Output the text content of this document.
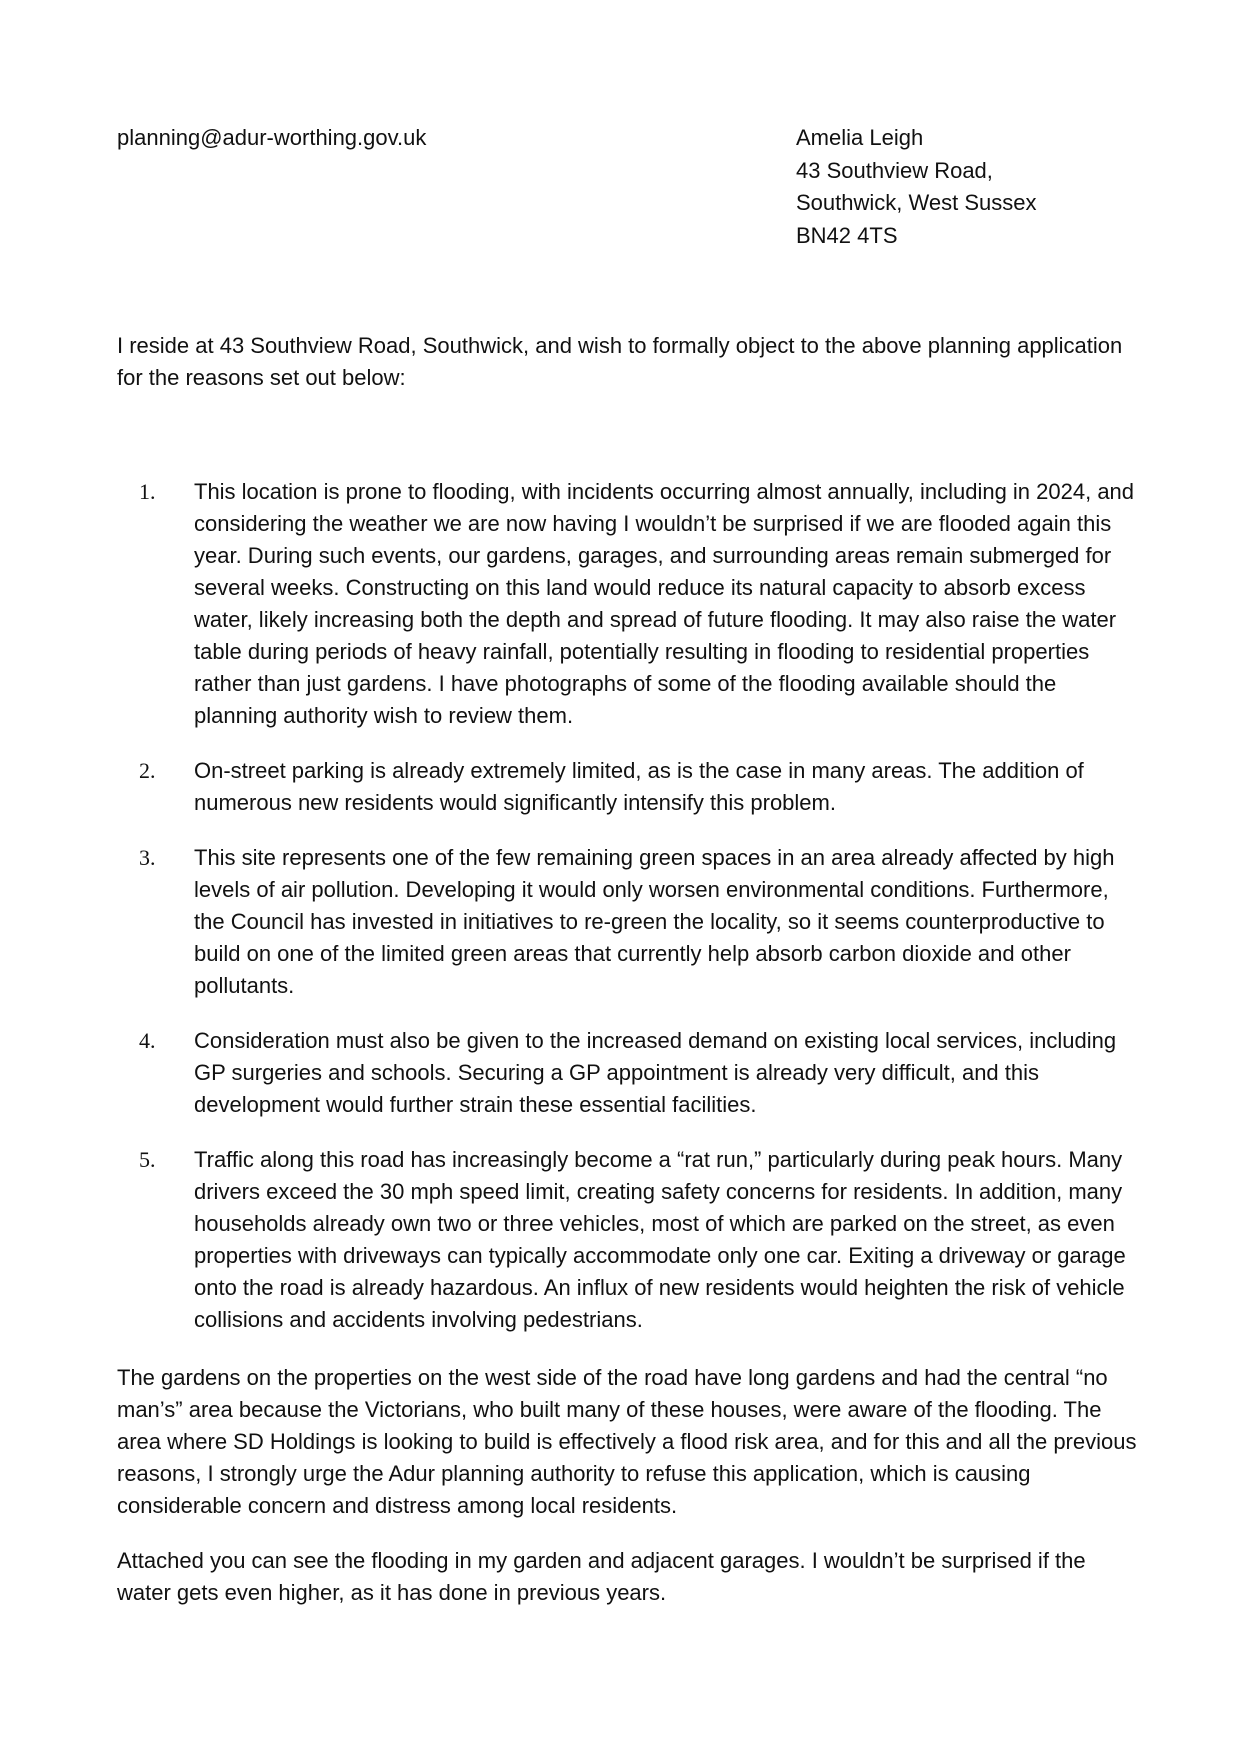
planning@adur-worthing.gov.uk	Amelia Leigh
43 Southview Road,
Southwick, West Sussex
BN42 4TS

I reside at 43 Southview Road, Southwick, and wish to formally object to the above planning application for the reasons set out below:

1. This location is prone to flooding, with incidents occurring almost annually, including in 2024, and considering the weather we are now having I wouldn’t be surprised if we are flooded again this year. During such events, our gardens, garages, and surrounding areas remain submerged for several weeks. Constructing on this land would reduce its natural capacity to absorb excess water, likely increasing both the depth and spread of future flooding. It may also raise the water table during periods of heavy rainfall, potentially resulting in flooding to residential properties rather than just gardens. I have photographs of some of the flooding available should the planning authority wish to review them.
2. On-street parking is already extremely limited, as is the case in many areas. The addition of numerous new residents would significantly intensify this problem.
3. This site represents one of the few remaining green spaces in an area already affected by high levels of air pollution. Developing it would only worsen environmental conditions. Furthermore, the Council has invested in initiatives to re-green the locality, so it seems counterproductive to build on one of the limited green areas that currently help absorb carbon dioxide and other pollutants.
4. Consideration must also be given to the increased demand on existing local services, including GP surgeries and schools. Securing a GP appointment is already very difficult, and this development would further strain these essential facilities.
5. Traffic along this road has increasingly become a “rat run,” particularly during peak hours. Many drivers exceed the 30 mph speed limit, creating safety concerns for residents. In addition, many households already own two or three vehicles, most of which are parked on the street, as even properties with driveways can typically accommodate only one car. Exiting a driveway or garage onto the road is already hazardous. An influx of new residents would heighten the risk of vehicle collisions and accidents involving pedestrians.

The gardens on the properties on the west side of the road have long gardens and had the central “no man’s” area because the Victorians, who built many of these houses, were aware of the flooding. The area where SD Holdings is looking to build is effectively a flood risk area, and for this and all the previous reasons, I strongly urge the Adur planning authority to refuse this application, which is causing considerable concern and distress among local residents.

Attached you can see the flooding in my garden and adjacent garages. I wouldn’t be surprised if the water gets even higher, as it has done in previous years.
